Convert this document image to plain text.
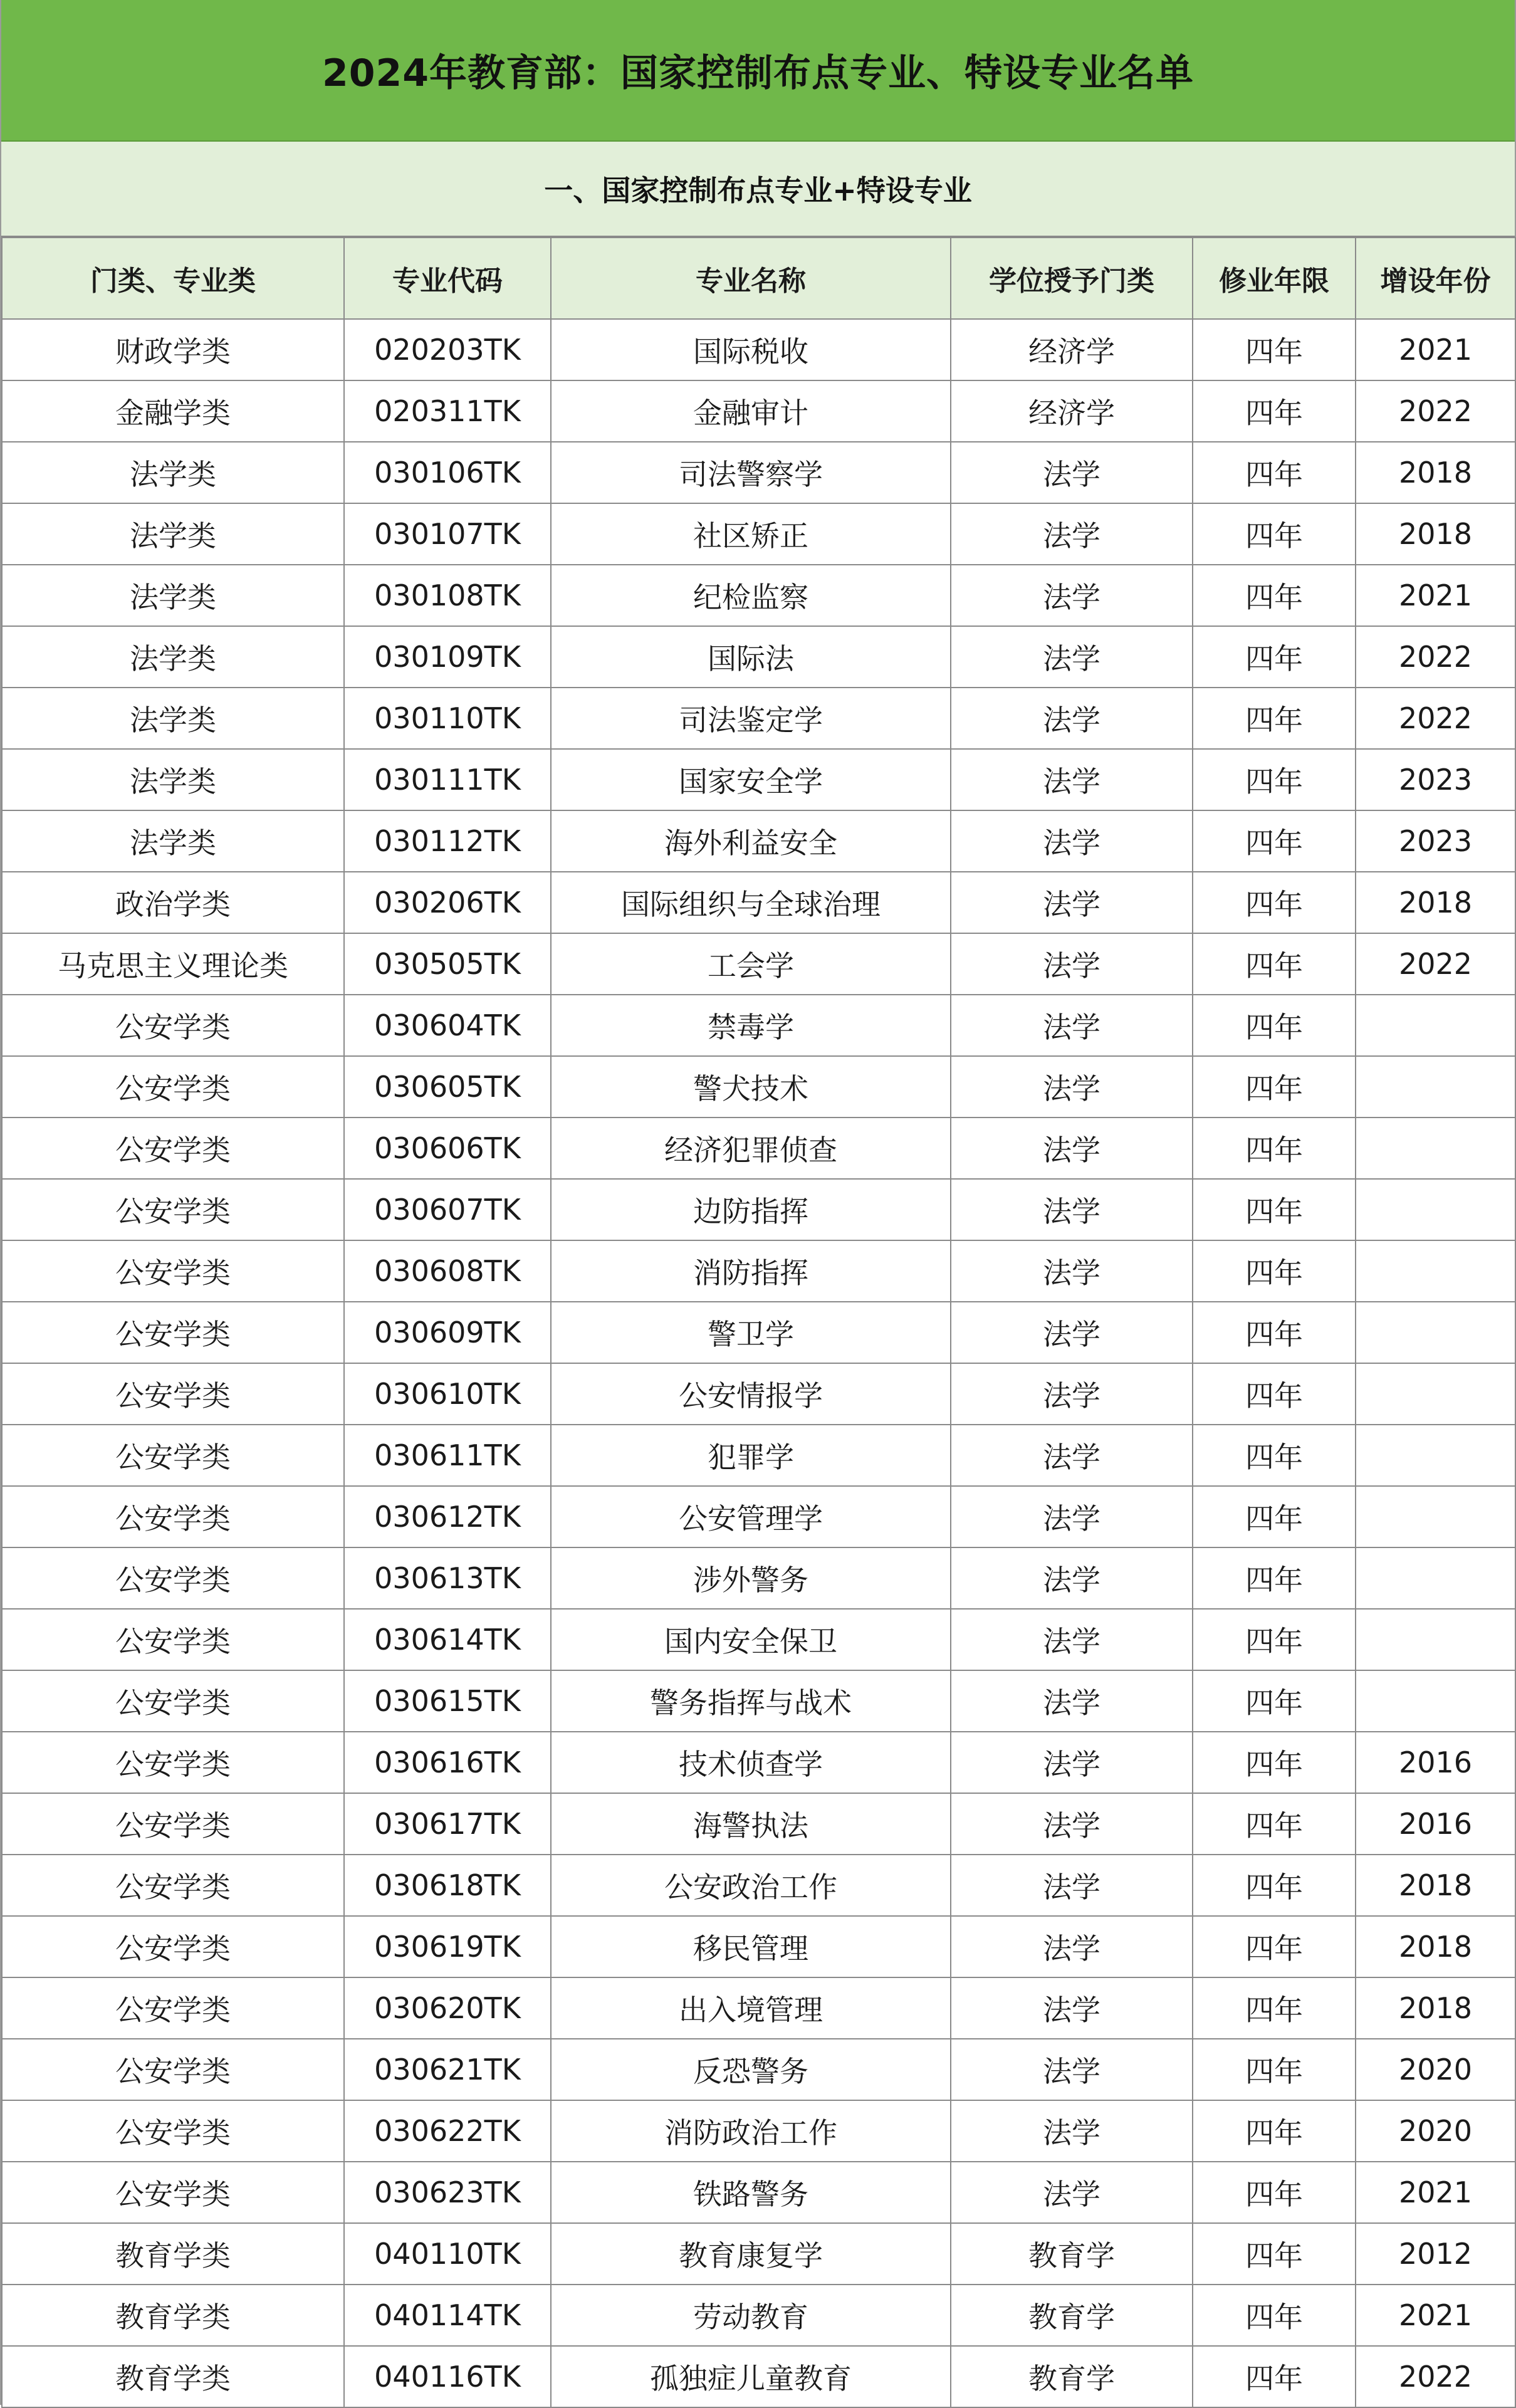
2024年教育部：国家控制布点专业、特设专业名单
一、国家控制布点专业+特设专业
门类、专业类	专业代码	专业名称	学位授予门类	修业年限	增设年份
财政学类	020203TK	国际税收	经济学	四年	2021
金融学类	020311TK	金融审计	经济学	四年	2022
法学类	030106TK	司法警察学	法学	四年	2018
法学类	030107TK	社区矫正	法学	四年	2018
法学类	030108TK	纪检监察	法学	四年	2021
法学类	030109TK	国际法	法学	四年	2022
法学类	030110TK	司法鉴定学	法学	四年	2022
法学类	030111TK	国家安全学	法学	四年	2023
法学类	030112TK	海外利益安全	法学	四年	2023
政治学类	030206TK	国际组织与全球治理	法学	四年	2018
马克思主义理论类	030505TK	工会学	法学	四年	2022
公安学类	030604TK	禁毒学	法学	四年	
公安学类	030605TK	警犬技术	法学	四年	
公安学类	030606TK	经济犯罪侦查	法学	四年	
公安学类	030607TK	边防指挥	法学	四年	
公安学类	030608TK	消防指挥	法学	四年	
公安学类	030609TK	警卫学	法学	四年	
公安学类	030610TK	公安情报学	法学	四年	
公安学类	030611TK	犯罪学	法学	四年	
公安学类	030612TK	公安管理学	法学	四年	
公安学类	030613TK	涉外警务	法学	四年	
公安学类	030614TK	国内安全保卫	法学	四年	
公安学类	030615TK	警务指挥与战术	法学	四年	
公安学类	030616TK	技术侦查学	法学	四年	2016
公安学类	030617TK	海警执法	法学	四年	2016
公安学类	030618TK	公安政治工作	法学	四年	2018
公安学类	030619TK	移民管理	法学	四年	2018
公安学类	030620TK	出入境管理	法学	四年	2018
公安学类	030621TK	反恐警务	法学	四年	2020
公安学类	030622TK	消防政治工作	法学	四年	2020
公安学类	030623TK	铁路警务	法学	四年	2021
教育学类	040110TK	教育康复学	教育学	四年	2012
教育学类	040114TK	劳动教育	教育学	四年	2021
教育学类	040116TK	孤独症儿童教育	教育学	四年	2022
